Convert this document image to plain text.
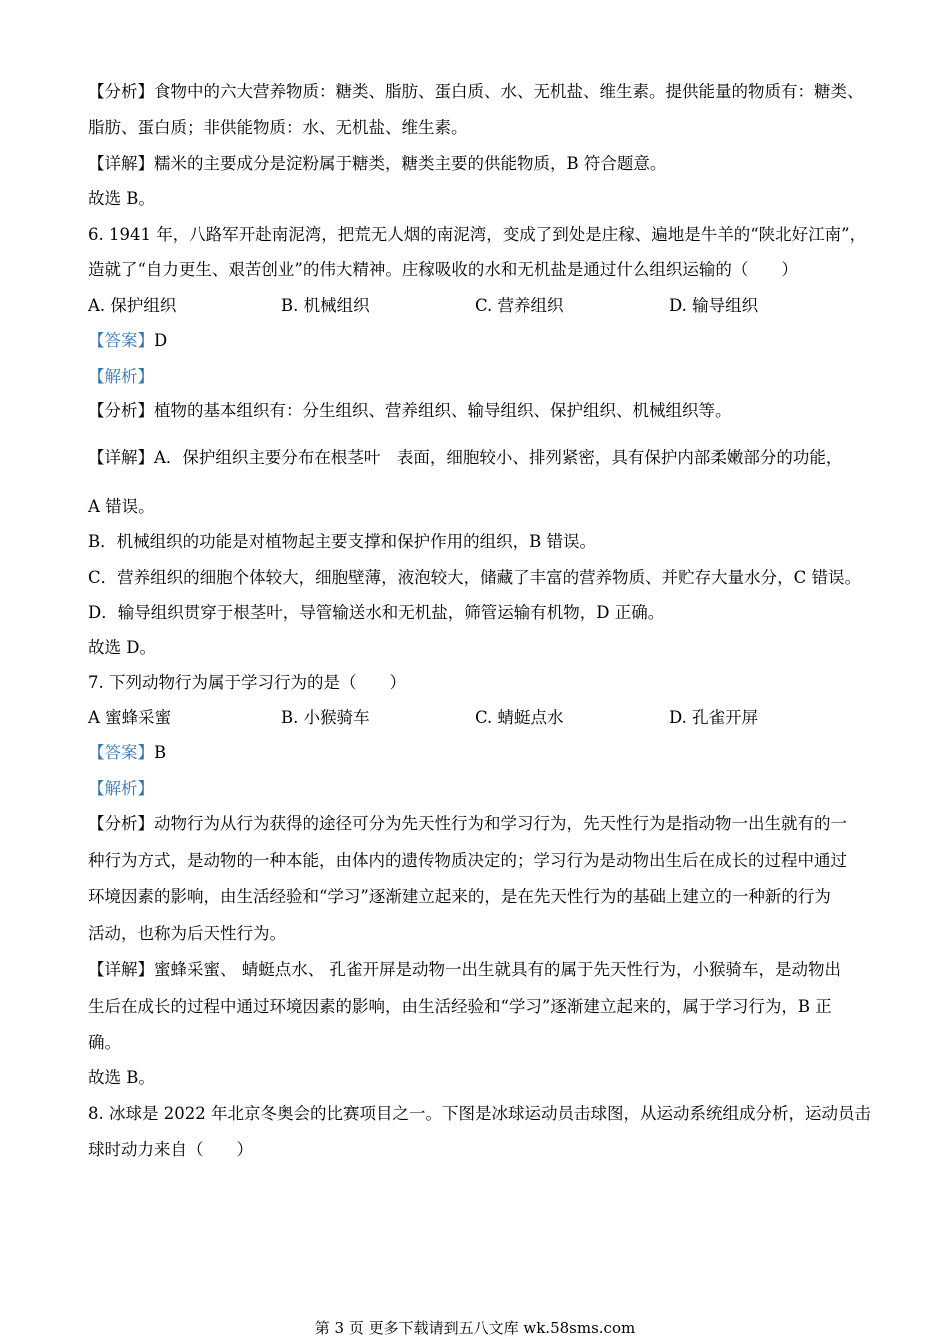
【分析】食物中的六大营养物质：糖类、脂肪、蛋白质、水、无机盐、维生素。提供能量的物质有：糖类、
脂肪、蛋白质；非供能物质：水、无机盐、维生素。
【详解】糯米的主要成分是淀粉属于糖类，糖类主要的供能物质，B 符合题意。
故选 B。
6. 1941 年，八路军开赴南泥湾，把荒无人烟的南泥湾，变成了到处是庄稼、遍地是牛羊的“陕北好江南”，
造就了“自力更生、艰苦创业”的伟大精神。庄稼吸收的水和无机盐是通过什么组织运输的（　　）
A. 保护组织	B. 机械组织	C. 营养组织	D. 输导组织
【答案】D
【解析】
【分析】植物的基本组织有：分生组织、营养组织、输导组织、保护组织、机械组织等。
【详解】A．保护组织主要分布在根茎叶　表面，细胞较小、排列紧密，具有保护内部柔嫩部分的功能，
A 错误。
B．机械组织的功能是对植物起主要支撑和保护作用的组织，B 错误。
C．营养组织的细胞个体较大，细胞壁薄，液泡较大，储藏了丰富的营养物质、并贮存大量水分，C 错误。
D．输导组织贯穿于根茎叶，导管输送水和无机盐，筛管运输有机物，D 正确。
故选 D。
7. 下列动物行为属于学习行为的是（　　）
A 蜜蜂采蜜	B. 小猴骑车	C. 蜻蜓点水	D. 孔雀开屏
【答案】B
【解析】
【分析】动物行为从行为获得的途径可分为先天性行为和学习行为，先天性行为是指动物一出生就有的一
种行为方式，是动物的一种本能，由体内的遗传物质决定的；学习行为是动物出生后在成长的过程中通过
环境因素的影响，由生活经验和“学习”逐渐建立起来的，是在先天性行为的基础上建立的一种新的行为
活动，也称为后天性行为。
【详解】蜜蜂采蜜、 蜻蜓点水、 孔雀开屏是动物一出生就具有的属于先天性行为，小猴骑车，是动物出
生后在成长的过程中通过环境因素的影响，由生活经验和“学习”逐渐建立起来的，属于学习行为，B 正
确。
故选 B。
8. 冰球是 2022 年北京冬奥会的比赛项目之一。下图是冰球运动员击球图，从运动系统组成分析，运动员击
球时动力来自（　　）
第 3 页 更多下载请到五八文库 wk.58sms.com
